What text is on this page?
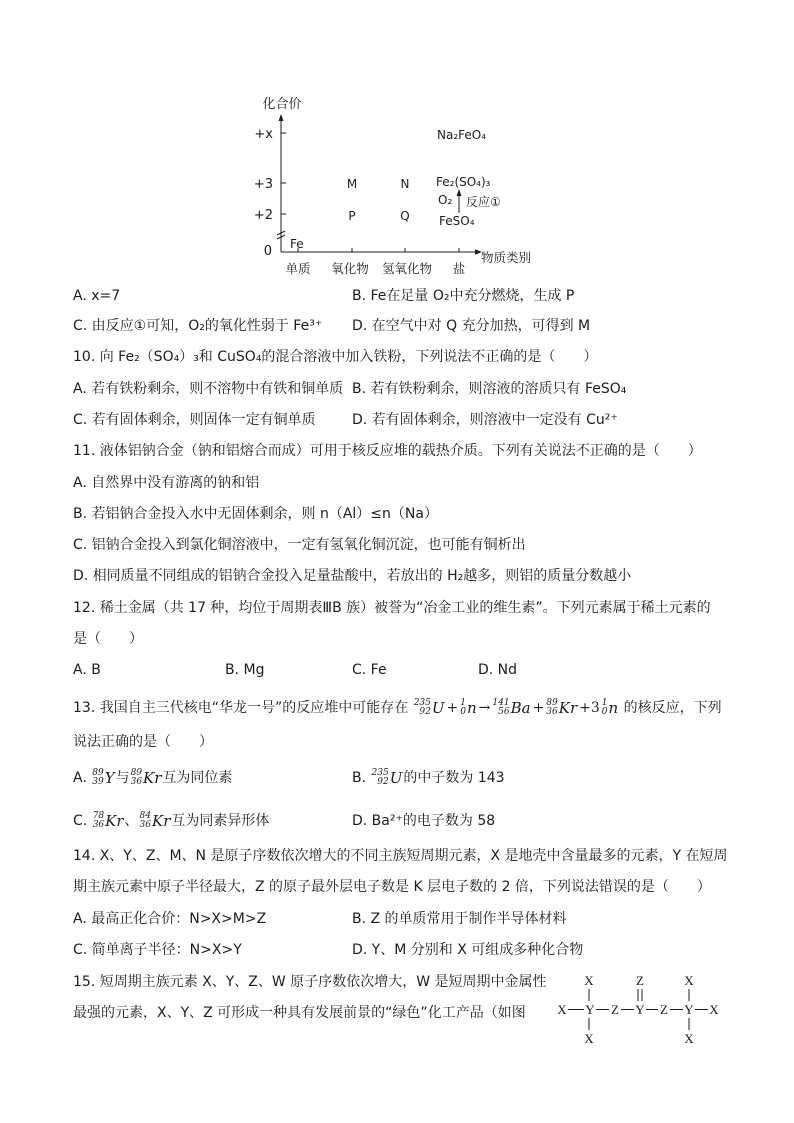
化合价
+x
+3
+2
0
单质 氧化物 氢氧化物 盐
物质类别
Na₂FeO₄
M	N Fe₂(SO₄)₃
O₂ 反应①
P	Q FeSO₄
Fe
A. x=7	B. Fe在足量 O₂中充分燃烧，生成 P
C. 由反应①可知，O₂的氧化性弱于 Fe³⁺ D. 在空气中对 Q 充分加热，可得到 M
10. 向 Fe₂（SO₄）₃和 CuSO₄的混合溶液中加入铁粉，下列说法不正确的是（　　）
A. 若有铁粉剩余，则不溶物中有铁和铜单质 B. 若有铁粉剩余，则溶液的溶质只有 FeSO₄
C. 若有固体剩余，则固体一定有铜单质	D. 若有固体剩余，则溶液中一定没有 Cu²⁺
11. 液体铝钠合金（钠和铝熔合而成）可用于核反应堆的载热介质。下列有关说法不正确的是（　　）
A. 自然界中没有游离的钠和铝
B. 若铝钠合金投入水中无固体剩余，则 n（Al）≤n（Na）
C. 铝钠合金投入到氯化铜溶液中，一定有氢氧化铜沉淀，也可能有铜析出
D. 相同质量不同组成的铝钠合金投入足量盐酸中，若放出的 H₂越多，则铝的质量分数越小
12. 稀土金属（共 17 种，均位于周期表ⅢB 族）被誉为“冶金工业的维生素”。下列元素属于稀土元素的
是（　　）
A. B	B. Mg	C. Fe	D. Nd
13. 我国自主三代核电“华龙一号”的反应堆中可能存在 235
92 U + 1
0 n → 141
56 Ba + 89
36 Kr +3 1
0 n 的核反应，下列
说法正确的是（　　）
A. 89
39 Y 与 89
36 Kr 互为同位素	B. 235
92 U 的中子数为 143
C. 78
36 Kr 、 84
36 Kr 互为同素异形体	D. Ba²⁺的电子数为 58
14. X、Y、Z、M、N 是原子序数依次增大的不同主族短周期元素，X 是地壳中含量最多的元素，Y 在短周
期主族元素中原子半径最大，Z 的原子最外层电子数是 K 层电子数的 2 倍，下列说法错误的是（　　）
A. 最高正化合价：N>X>M>Z	B. Z 的单质常用于制作半导体材料
C. 简单离子半径：N>X>Y	D. Y、M 分别和 X 可组成多种化合物
15. 短周期主族元素 X、Y、Z、W 原子序数依次增大，W 是短周期中金属性
最强的元素，X、Y、Z 可形成一种具有发展前景的“绿色”化工产品（如图
X	Z	X
X Y Z Y Z Y X
X	X
